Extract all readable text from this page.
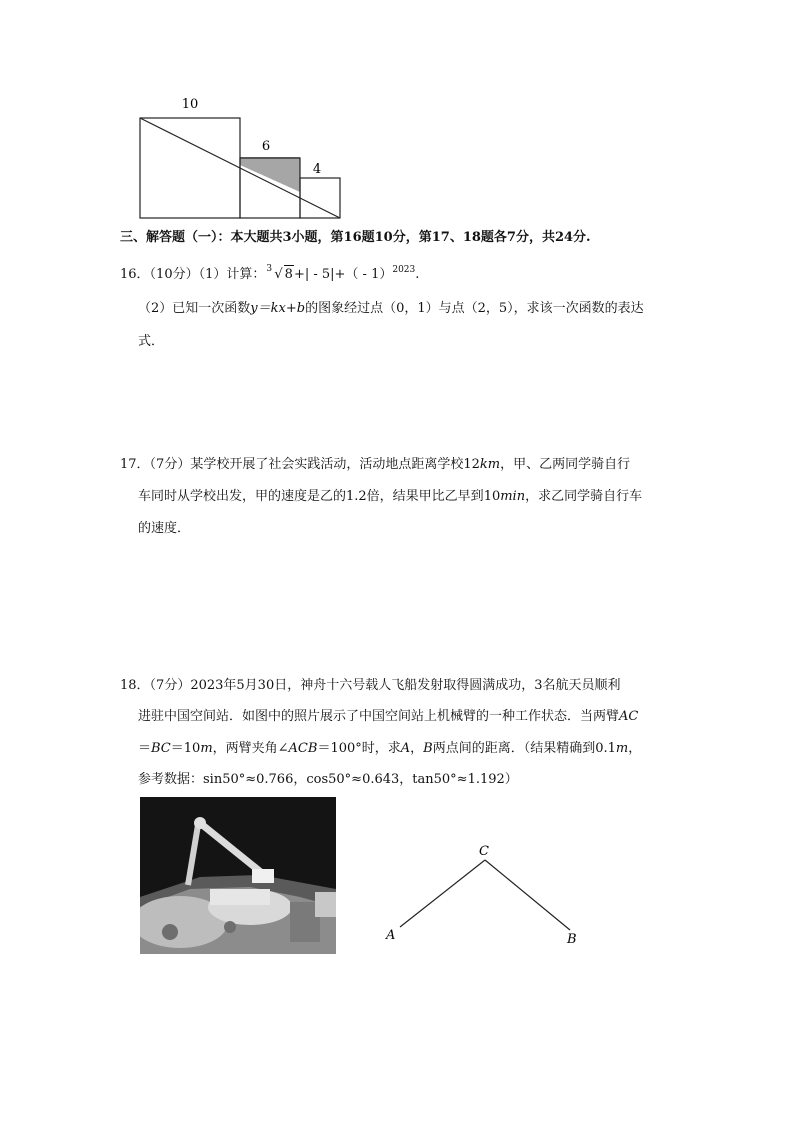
10
6
4
三、解答题（一）：本大题共3小题，第16题10分，第17、18题各7分，共24分.
16．（10分）（1）计算： 3 √ 8+| - 5|+（ - 1）$^{2023}$.
（2）已知一次函数y＝kx+b的图象经过点（0，1）与点（2，5），求该一次函数的表达
式．
17．（7分）某学校开展了社会实践活动，活动地点距离学校12km，甲、乙两同学骑自行
车同时从学校出发，甲的速度是乙的1.2倍，结果甲比乙早到10min，求乙同学骑自行车
的速度．
18．（7分）2023年5月30日，神舟十六号载人飞船发射取得圆满成功，3名航天员顺利
进驻中国空间站．如图中的照片展示了中国空间站上机械臂的一种工作状态．当两臂AC
＝BC＝10m，两臂夹角∠ACB＝100°时，求A，B两点间的距离．（结果精确到0.1m，
参考数据：sin50°≈0.766，cos50°≈0.643，tan50°≈1.192）
C
A	B
